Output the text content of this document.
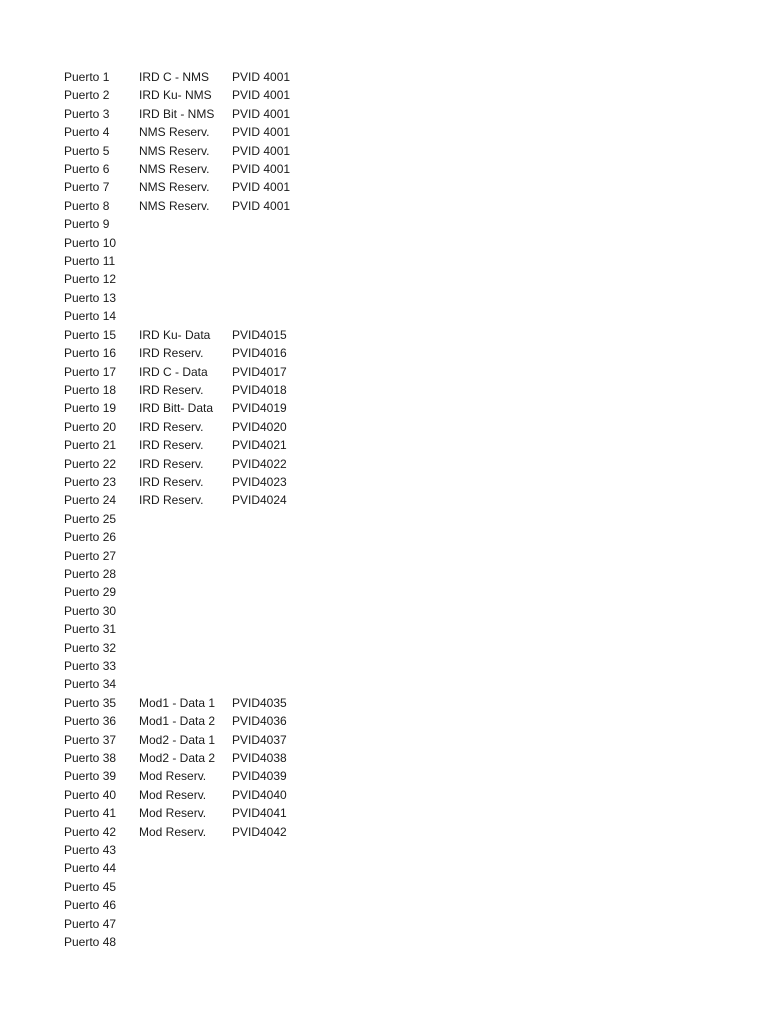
Puerto 1	IRD C - NMS	PVID 4001
Puerto 2	IRD Ku- NMS	PVID 4001
Puerto 3	IRD Bit - NMS	PVID 4001
Puerto 4	NMS Reserv.	PVID 4001
Puerto 5	NMS Reserv.	PVID 4001
Puerto 6	NMS Reserv.	PVID 4001
Puerto 7	NMS Reserv.	PVID 4001
Puerto 8	NMS Reserv.	PVID 4001
Puerto 9
Puerto 10
Puerto 11
Puerto 12
Puerto 13
Puerto 14
Puerto 15	IRD Ku- Data	PVID4015
Puerto 16	IRD Reserv.	PVID4016
Puerto 17	IRD C - Data	PVID4017
Puerto 18	IRD Reserv.	PVID4018
Puerto 19	IRD Bitt- Data	PVID4019
Puerto 20	IRD Reserv.	PVID4020
Puerto 21	IRD Reserv.	PVID4021
Puerto 22	IRD Reserv.	PVID4022
Puerto 23	IRD Reserv.	PVID4023
Puerto 24	IRD Reserv.	PVID4024
Puerto 25
Puerto 26
Puerto 27
Puerto 28
Puerto 29
Puerto 30
Puerto 31
Puerto 32
Puerto 33
Puerto 34
Puerto 35	Mod1 - Data 1	PVID4035
Puerto 36	Mod1 - Data 2	PVID4036
Puerto 37	Mod2 - Data 1	PVID4037
Puerto 38	Mod2 - Data 2	PVID4038
Puerto 39	Mod Reserv.	PVID4039
Puerto 40	Mod Reserv.	PVID4040
Puerto 41	Mod Reserv.	PVID4041
Puerto 42	Mod Reserv.	PVID4042
Puerto 43
Puerto 44
Puerto 45
Puerto 46
Puerto 47
Puerto 48
